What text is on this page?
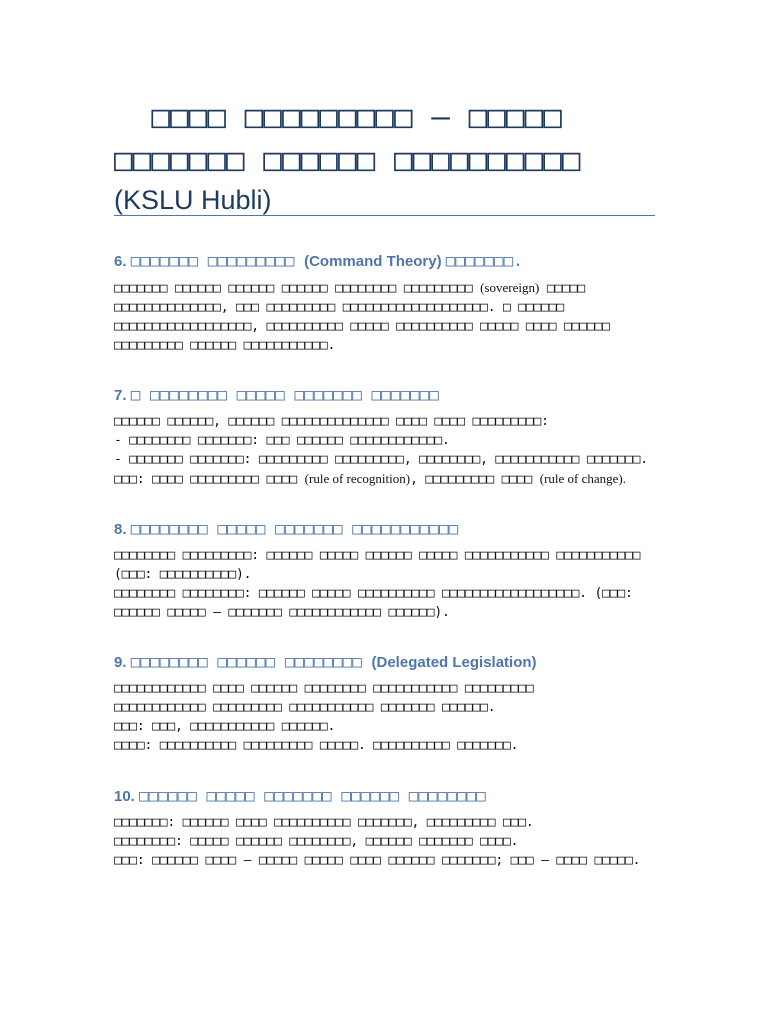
□□□□ □□□□□□□□□ – □□□□□
□□□□□□□ □□□□□□ □□□□□□□□□□
(KSLU Hubli)
6. □□□□□□□ □□□□□□□□□ (Command Theory) □□□□□□□.
□□□□□□□ □□□□□□ □□□□□□ □□□□□□ □□□□□□□□ □□□□□□□□□ (sovereign) □□□□□
□□□□□□□□□□□□□□, □□□ □□□□□□□□□ □□□□□□□□□□□□□□□□□□□. □ □□□□□□
□□□□□□□□□□□□□□□□□□, □□□□□□□□□□ □□□□□ □□□□□□□□□□ □□□□□ □□□□ □□□□□□
□□□□□□□□□ □□□□□□ □□□□□□□□□□□.
7. □ □□□□□□□□ □□□□□ □□□□□□□ □□□□□□□
□□□□□□ □□□□□□, □□□□□□ □□□□□□□□□□□□□□ □□□□ □□□□ □□□□□□□□□:
- □□□□□□□□ □□□□□□□: □□□ □□□□□□ □□□□□□□□□□□□.
- □□□□□□□ □□□□□□□: □□□□□□□□□ □□□□□□□□□, □□□□□□□□, □□□□□□□□□□□ □□□□□□□.
□□□: □□□□ □□□□□□□□□ □□□□ (rule of recognition), □□□□□□□□□ □□□□ (rule of change).
8. □□□□□□□□ □□□□□ □□□□□□□ □□□□□□□□□□□
□□□□□□□□ □□□□□□□□□: □□□□□□ □□□□□ □□□□□□ □□□□□ □□□□□□□□□□□ □□□□□□□□□□□
(□□□: □□□□□□□□□□).
□□□□□□□□ □□□□□□□□: □□□□□□ □□□□□ □□□□□□□□□□ □□□□□□□□□□□□□□□□□□. (□□□:
□□□□□□ □□□□□ – □□□□□□□ □□□□□□□□□□□□ □□□□□□).
9. □□□□□□□□ □□□□□□ □□□□□□□□ (Delegated Legislation)
□□□□□□□□□□□□ □□□□ □□□□□□ □□□□□□□□ □□□□□□□□□□□ □□□□□□□□□
□□□□□□□□□□□□ □□□□□□□□□ □□□□□□□□□□□ □□□□□□□ □□□□□□.
□□□: □□□, □□□□□□□□□□□ □□□□□□.
□□□□: □□□□□□□□□□ □□□□□□□□□ □□□□□. □□□□□□□□□□ □□□□□□□.
10. □□□□□□ □□□□□ □□□□□□□ □□□□□□ □□□□□□□□
□□□□□□□: □□□□□□ □□□□ □□□□□□□□□□ □□□□□□□, □□□□□□□□□ □□□.
□□□□□□□□: □□□□□ □□□□□□ □□□□□□□□, □□□□□□ □□□□□□□ □□□□.
□□□: □□□□□□ □□□□ – □□□□□ □□□□□ □□□□ □□□□□□ □□□□□□□; □□□ – □□□□ □□□□□.
